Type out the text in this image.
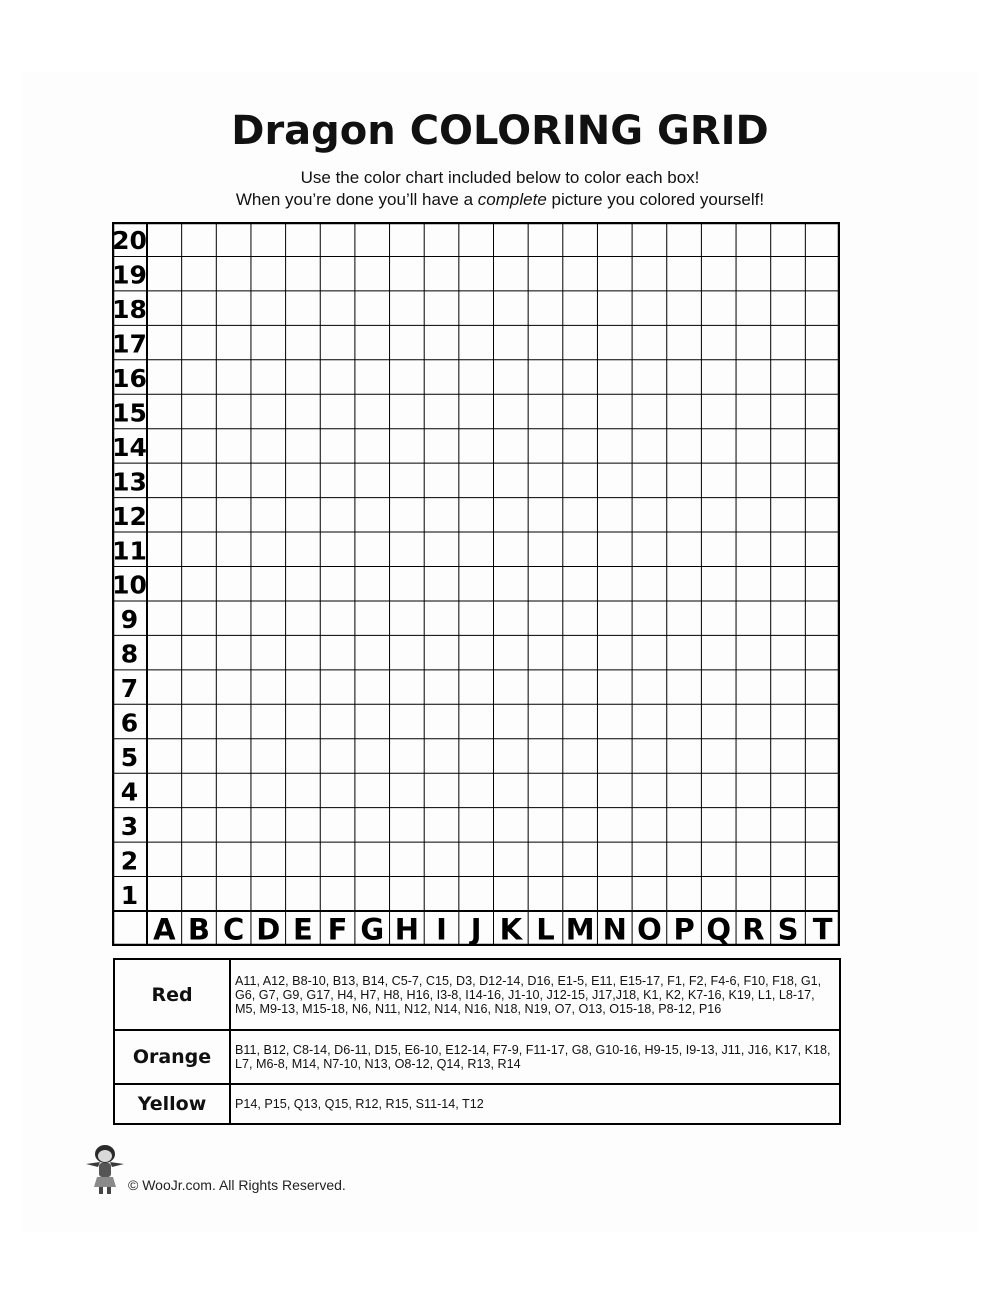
Dragon COLORING GRID
Use the color chart included below to color each box!
When you’re done you’ll have a complete picture you colored yourself!
20
19
18
17
16
15
14
13
12
11
10
9
8
7
6
5
4
3
2
1
A B C D E F G H I J K L M N O P Q R S T
Red	A11, A12, B8-10, B13, B14, C5-7, C15, D3, D12-14, D16, E1-5, E11, E15-17, F1, F2, F4-6, F10, F18, G1, G6, G7, G9, G17, H4, H7, H8, H16, I3-8, I14-16, J1-10, J12-15, J17,J18, K1, K2, K7-16, K19, L1, L8-17, M5, M9-13, M15-18, N6, N11, N12, N14, N16, N18, N19, O7, O13, O15-18, P8-12, P16
Orange	B11, B12, C8-14, D6-11, D15, E6-10, E12-14, F7-9, F11-17, G8, G10-16, H9-15, I9-13, J11, J16, K17, K18, L7, M6-8, M14, N7-10, N13, O8-12, Q14, R13, R14
Yellow	P14, P15, Q13, Q15, R12, R15, S11-14, T12
© WooJr.com. All Rights Reserved.
